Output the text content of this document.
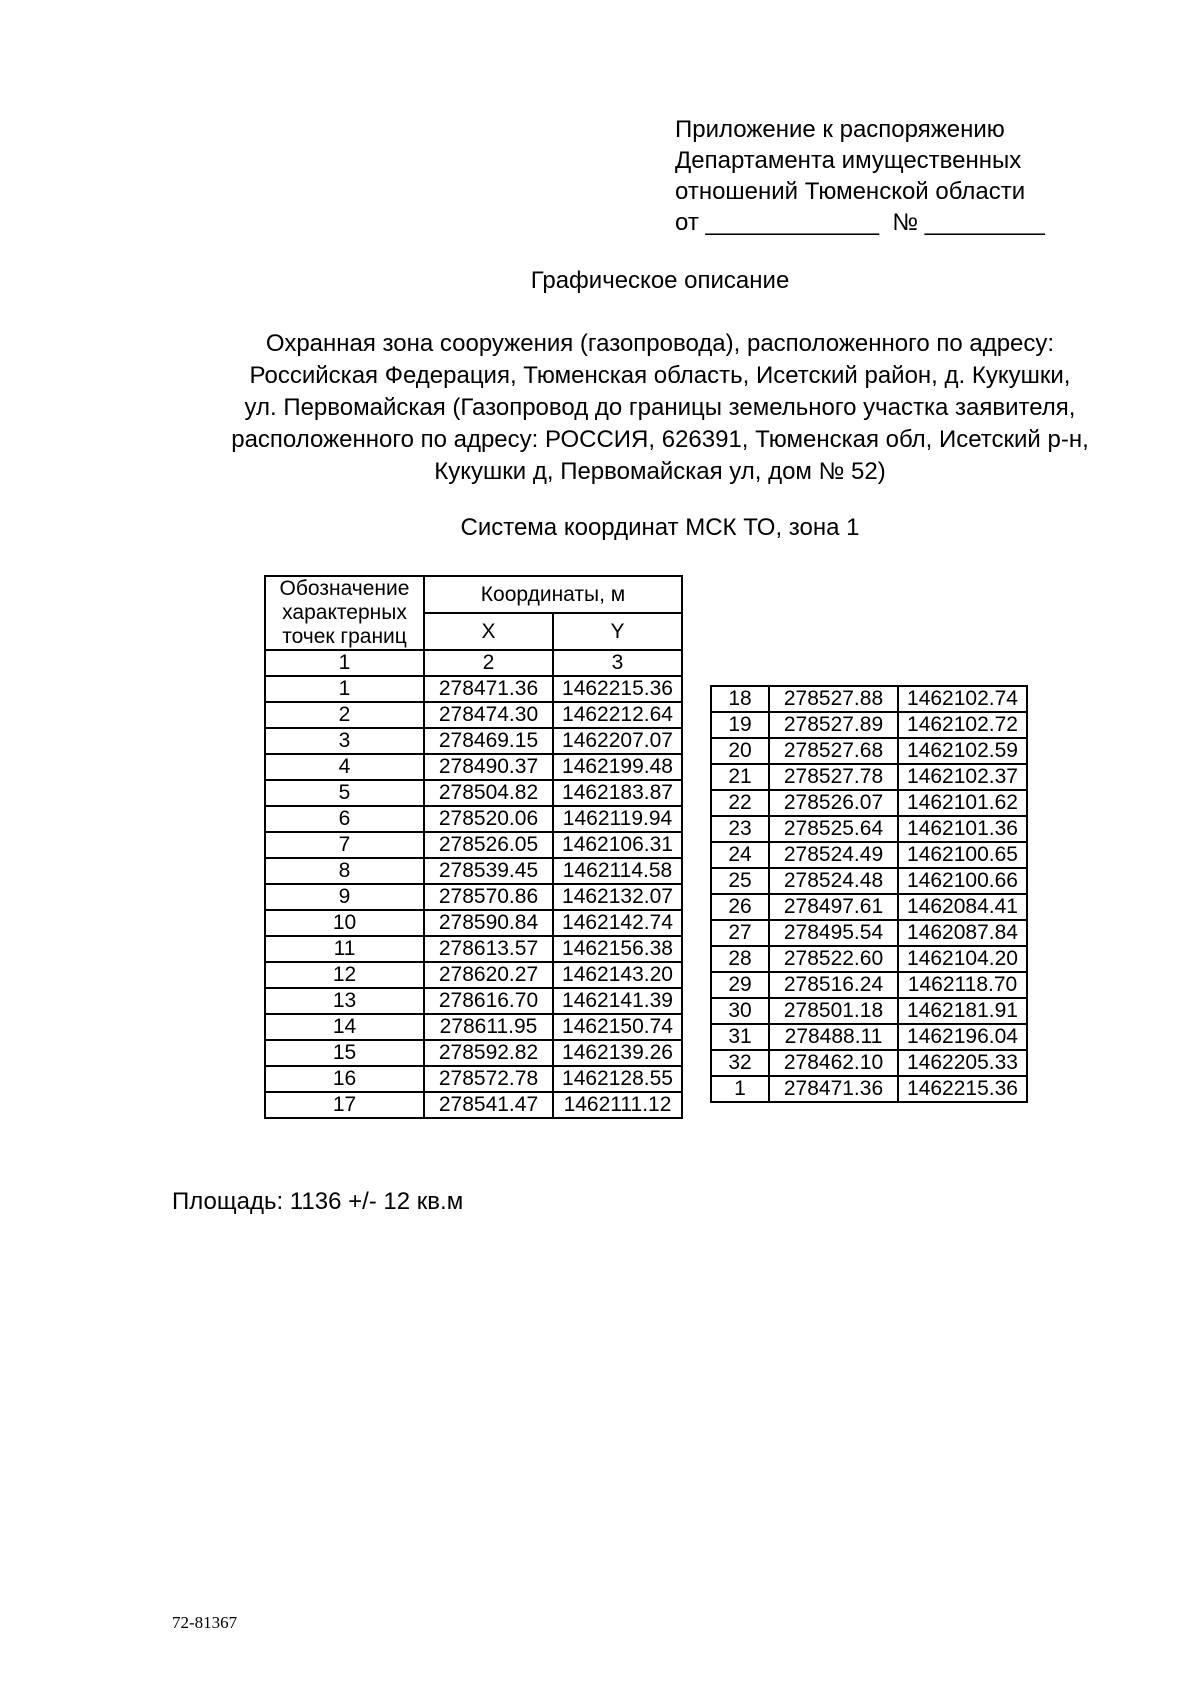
Приложение к распоряжению
Департамента имущественных
отношений Тюменской области
от _____________  № _________
Графическое описание
Охранная зона сооружения (газопровода), расположенного по адресу:
Российская Федерация, Тюменская область, Исетский район, д. Кукушки,
ул. Первомайская (Газопровод до границы земельного участка заявителя,
расположенного по адресу: РОССИЯ, 626391, Тюменская обл, Исетский р-н,
Кукушки д, Первомайская ул, дом № 52)
Система координат МСК ТО, зона 1
Обозначение
характерных
точек границ	Координаты, м	
	X	Y
1	2	3
1	278471.36	1462215.36
2	278474.30	1462212.64
3	278469.15	1462207.07
4	278490.37	1462199.48
5	278504.82	1462183.87
6	278520.06	1462119.94
7	278526.05	1462106.31
8	278539.45	1462114.58
9	278570.86	1462132.07
10	278590.84	1462142.74
11	278613.57	1462156.38
12	278620.27	1462143.20
13	278616.70	1462141.39
14	278611.95	1462150.74
15	278592.82	1462139.26
16	278572.78	1462128.55
17	278541.47	1462111.12
18	278527.88	1462102.74
19	278527.89	1462102.72
20	278527.68	1462102.59
21	278527.78	1462102.37
22	278526.07	1462101.62
23	278525.64	1462101.36
24	278524.49	1462100.65
25	278524.48	1462100.66
26	278497.61	1462084.41
27	278495.54	1462087.84
28	278522.60	1462104.20
29	278516.24	1462118.70
30	278501.18	1462181.91
31	278488.11	1462196.04
32	278462.10	1462205.33
1	278471.36	1462215.36
Площадь: 1136 +/- 12 кв.м
72-81367
